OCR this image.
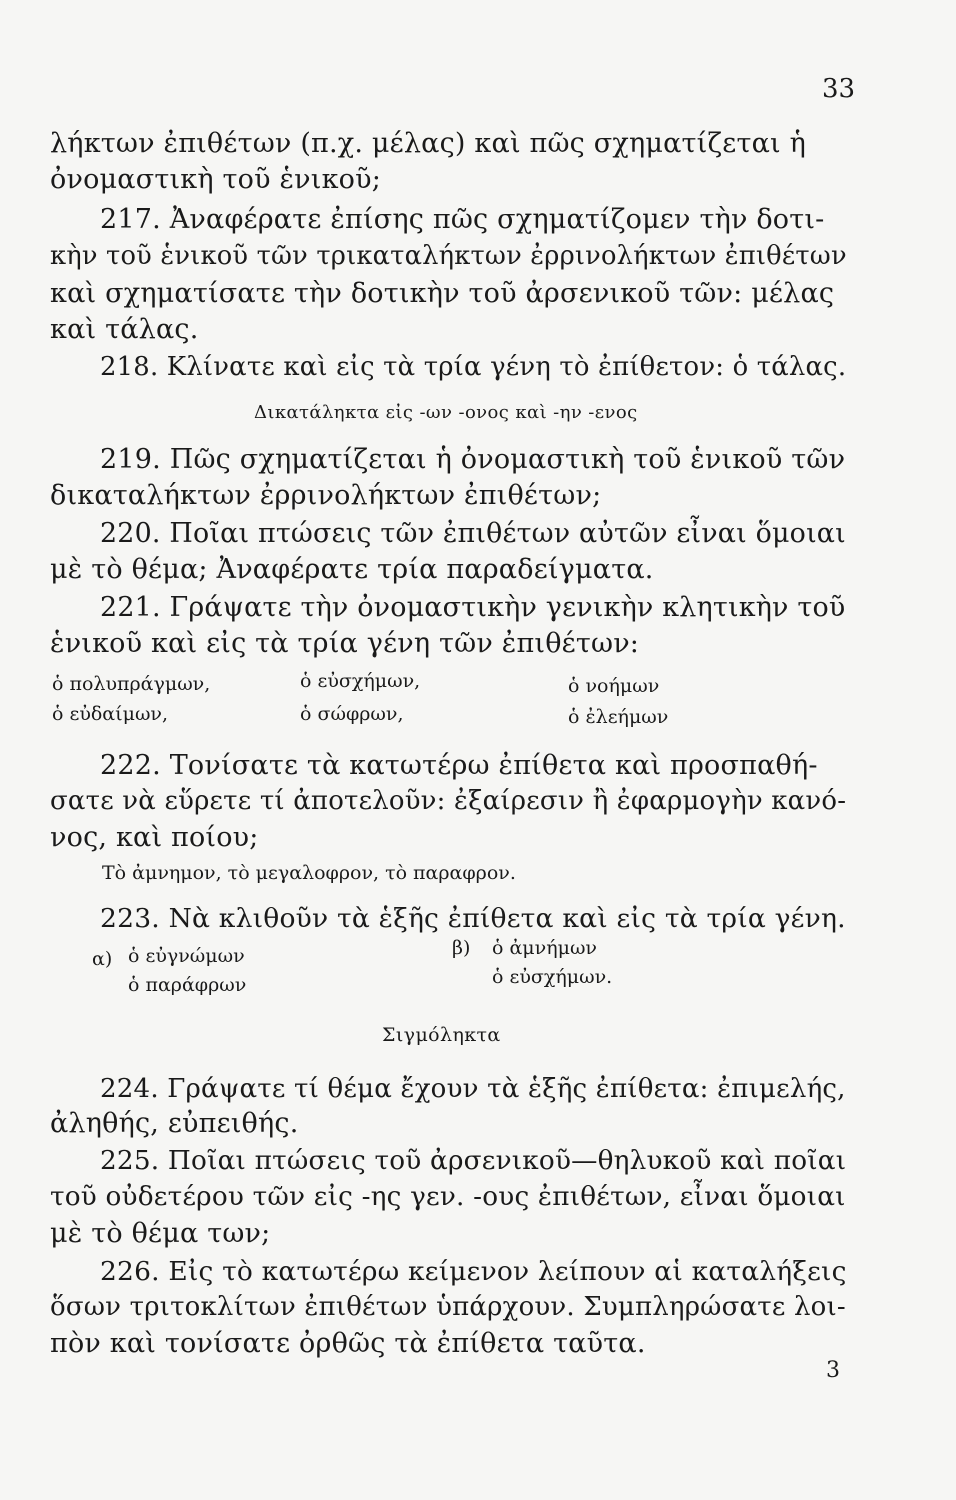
33
λήκτων ἐπιθέτων (π.χ. μέλας) καὶ πῶς σχηματίζεται ἡ
ὀνομαστικὴ τοῦ ἑνικοῦ;
217. Ἀναφέρατε ἐπίσης πῶς σχηματίζομεν τὴν δοτι-
κὴν τοῦ ἑνικοῦ τῶν τρικαταλήκτων ἐρρινολήκτων ἐπιθέτων
καὶ σχηματίσατε τὴν δοτικὴν τοῦ ἀρσενικοῦ τῶν: μέλας
καὶ τάλας.
218. Κλίνατε καὶ εἰς τὰ τρία γένη τὸ ἐπίθετον: ὁ τάλας.
Δικατάληκτα εἰς -ων -ονος καὶ -ην -ενος
219. Πῶς σχηματίζεται ἡ ὀνομαστικὴ τοῦ ἑνικοῦ τῶν
δικαταλήκτων ἐρρινολήκτων ἐπιθέτων;
220. Ποῖαι πτώσεις τῶν ἐπιθέτων αὐτῶν εἶναι ὅμοιαι
μὲ τὸ θέμα; Ἀναφέρατε τρία παραδείγματα.
221. Γράψατε τὴν ὀνομαστικὴν γενικὴν κλητικὴν τοῦ
ἑνικοῦ καὶ εἰς τὰ τρία γένη τῶν ἐπιθέτων:
ὁ πολυπράγμων,	ὁ εὐσχήμων,	ὁ νοήμων
ὁ εὐδαίμων,	ὁ σώφρων,	ὁ ἐλεήμων
222. Τονίσατε τὰ κατωτέρω ἐπίθετα καὶ προσπαθή-
σατε νὰ εὕρετε τί ἀποτελοῦν: ἐξαίρεσιν ἢ ἐφαρμογὴν κανό-
νος, καὶ ποίου;
Τὸ ἀμνημον, τὸ μεγαλοφρον, τὸ παραφρον.
223. Νὰ κλιθοῦν τὰ ἑξῆς ἐπίθετα καὶ εἰς τὰ τρία γένη.
α) ὁ εὐγνώμων
ὁ παράφρων
β) ὁ ἀμνήμων
ὁ εὐσχήμων.
Σιγμόληκτα
224. Γράψατε τί θέμα ἔχουν τὰ ἑξῆς ἐπίθετα: ἐπιμελής,
ἀληθής, εὐπειθής.
225. Ποῖαι πτώσεις τοῦ ἀρσενικοῦ—θηλυκοῦ καὶ ποῖαι
τοῦ οὐδετέρου τῶν εἰς -ης γεν. -ους ἐπιθέτων, εἶναι ὅμοιαι
μὲ τὸ θέμα των;
226. Εἰς τὸ κατωτέρω κείμενον λείπουν αἱ καταλήξεις
ὅσων τριτοκλίτων ἐπιθέτων ὑπάρχουν. Συμπληρώσατε λοι-
πὸν καὶ τονίσατε ὀρθῶς τὰ ἐπίθετα ταῦτα.
3
